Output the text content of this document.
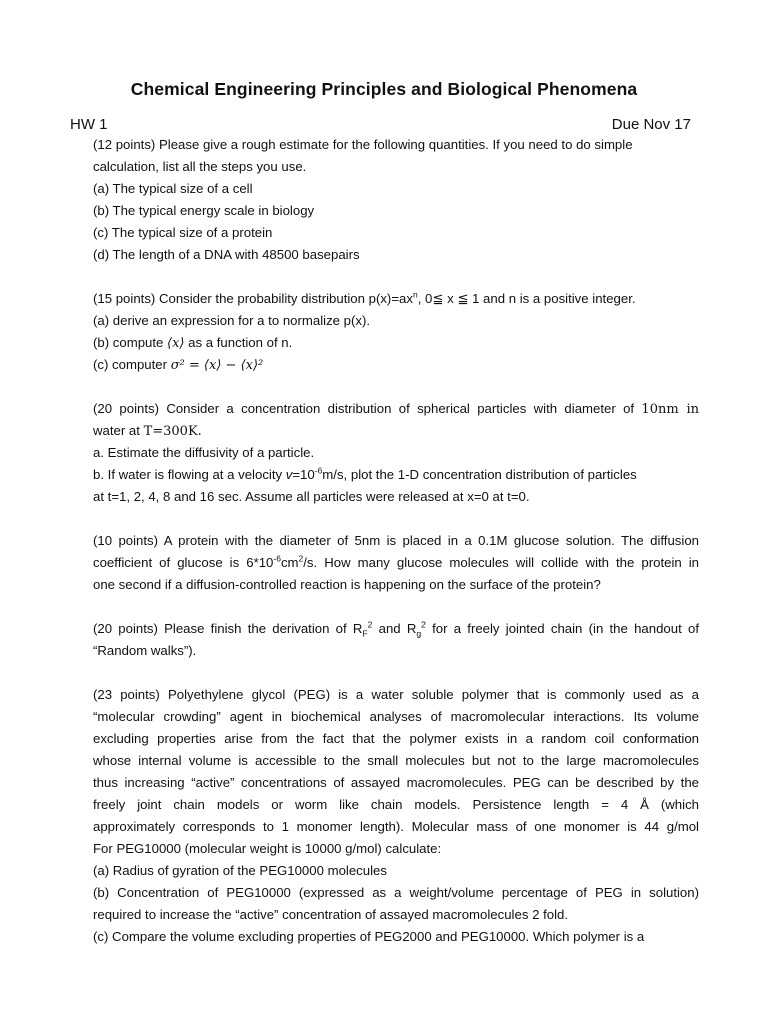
Chemical Engineering Principles and Biological Phenomena
HW 1	Due Nov 17
(12 points) Please give a rough estimate for the following quantities. If you need to do simple
calculation, list all the steps you use.
(a) The typical size of a cell
(b) The typical energy scale in biology
(c) The typical size of a protein
(d) The length of a DNA with 48500 basepairs
(15 points) Consider the probability distribution $p(x)=ax^n$, 0≦ x ≦ 1 and n is a positive integer.
(a) derive an expression for a to normalize p(x).
(b) compute ⟨x⟩ as a function of n.
(c) computer σ² = ⟨x⟩ − ⟨x⟩²
(20 points) Consider a concentration distribution of spherical particles with diameter of 10nm in
water at T=300K.
a. Estimate the diffusivity of a particle.
b. If water is flowing at a velocity $v=10^{-6}m/s$, plot the 1-D concentration distribution of particles
at t=1, 2, 4, 8 and 16 sec. Assume all particles were released at x=0 at t=0.
(10 points) A protein with the diameter of 5nm is placed in a 0.1M glucose solution. The diffusion
coefficient of glucose is $6*10^{-6}cm^2/s$. How many glucose molecules will collide with the protein in
one second if a diffusion-controlled reaction is happening on the surface of the protein?
(20 points) Please finish the derivation of $R_F^2$ and $R_g^2$ for a freely jointed chain (in the handout of
“Random walks”).
(23 points) Polyethylene glycol (PEG) is a water soluble polymer that is commonly used as a
“molecular crowding” agent in biochemical analyses of macromolecular interactions. Its volume
excluding properties arise from the fact that the polymer exists in a random coil conformation
whose internal volume is accessible to the small molecules but not to the large macromolecules
thus increasing “active” concentrations of assayed macromolecules. PEG can be described by the
freely joint chain models or worm like chain models. Persistence length = 4 Å (which
approximately corresponds to 1 monomer length). Molecular mass of one monomer is 44 g/mol
For PEG10000 (molecular weight is 10000 g/mol) calculate:
(a) Radius of gyration of the PEG10000 molecules
(b) Concentration of PEG10000 (expressed as a weight/volume percentage of PEG in solution)
required to increase the “active” concentration of assayed macromolecules 2 fold.
(c) Compare the volume excluding properties of PEG2000 and PEG10000. Which polymer is a
